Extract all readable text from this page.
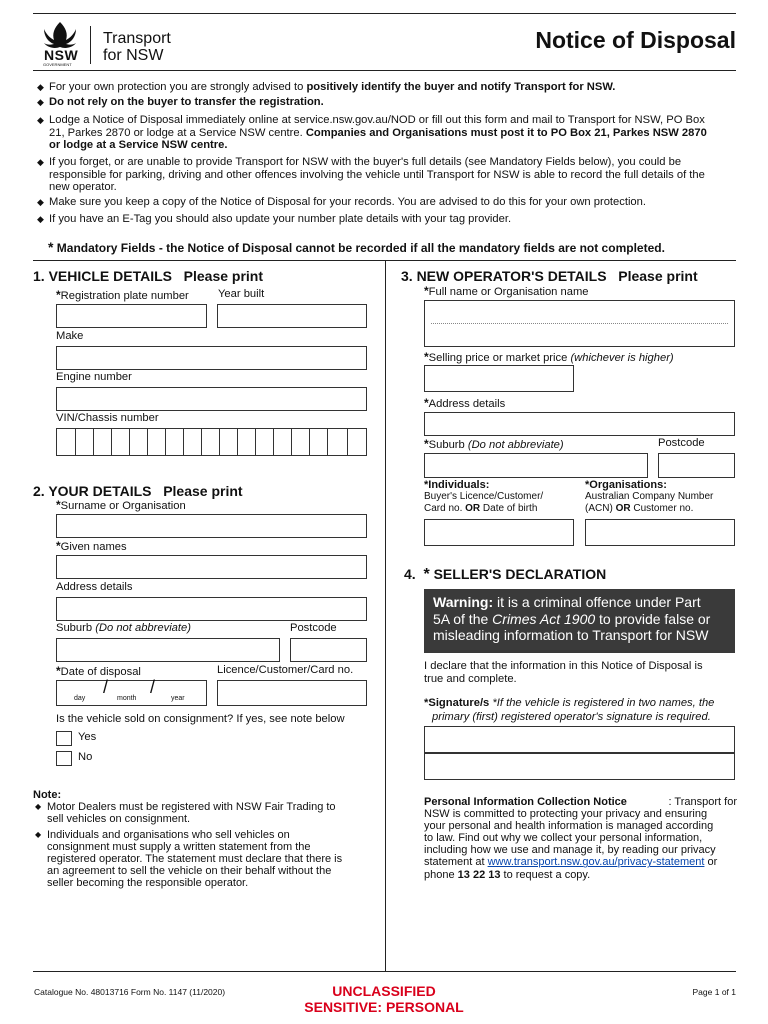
NSW
GOVERNMENT
Transport
for NSW
Notice of Disposal
◆ For your own protection you are strongly advised to positively identify the buyer and notify Transport for NSW.
◆ Do not rely on the buyer to transfer the registration.
◆ Lodge a Notice of Disposal immediately online at service.nsw.gov.au/NOD or fill out this form and mail to Transport for NSW, PO Box
21, Parkes 2870 or lodge at a Service NSW centre. Companies and Organisations must post it to PO Box 21, Parkes NSW 2870
or lodge at a Service NSW centre.
◆ If you forget, or are unable to provide Transport for NSW with the buyer's full details (see Mandatory Fields below), you could be
responsible for parking, driving and other offences involving the vehicle until Transport for NSW is able to record the full details of the
new operator.
◆ Make sure you keep a copy of the Notice of Disposal for your records. You are advised to do this for your own protection.
◆ If you have an E-Tag you should also update your number plate details with your tag provider.
* Mandatory Fields - the Notice of Disposal cannot be recorded if all the mandatory fields are not completed.
1. VEHICLE DETAILS Please print
*Registration plate number	Year built
Make
Engine number
VIN/Chassis number
2. YOUR DETAILS Please print
*Surname or Organisation
*Given names
Address details
Suburb (Do not abbreviate)	Postcode
*Date of disposal	Licence/Customer/Card no.
/ /
day	month	year
Is the vehicle sold on consignment? If yes, see note below
Yes
No
Note:
◆ Motor Dealers must be registered with NSW Fair Trading to
sell vehicles on consignment.
◆ Individuals and organisations who sell vehicles on
consignment must supply a written statement from the
registered operator. The statement must declare that there is
an agreement to sell the vehicle on their behalf without the
seller becoming the responsible operator.
3. NEW OPERATOR'S DETAILS Please print
*Full name or Organisation name
*Selling price or market price (whichever is higher)
*Address details
*Suburb (Do not abbreviate)	Postcode
*Individuals:
Buyer's Licence/Customer/
Card no. OR Date of birth
*Organisations:
Australian Company Number
(ACN) OR Customer no.
4. * SELLER'S DECLARATION
Warning: it is a criminal offence under Part
5A of the Crimes Act 1900 to provide false or
misleading information to Transport for NSW
I declare that the information in this Notice of Disposal is
true and complete.
*Signature/s *If the vehicle is registered in two names, the
primary (first) registered operator's signature is required.
Personal Information Collection Notice	: Transport for
NSW is committed to protecting your privacy and ensuring
your personal and health information is managed according
to law. Find out why we collect your personal information,
including how we use and manage it, by reading our privacy
statement at www.transport.nsw.gov.au/privacy-statement or
phone 13 22 13 to request a copy.
Catalogue No. 48013716 Form No. 1147 (11/2020)	UNCLASSIFIED
SENSITIVE: PERSONAL
Page 1 of 1
